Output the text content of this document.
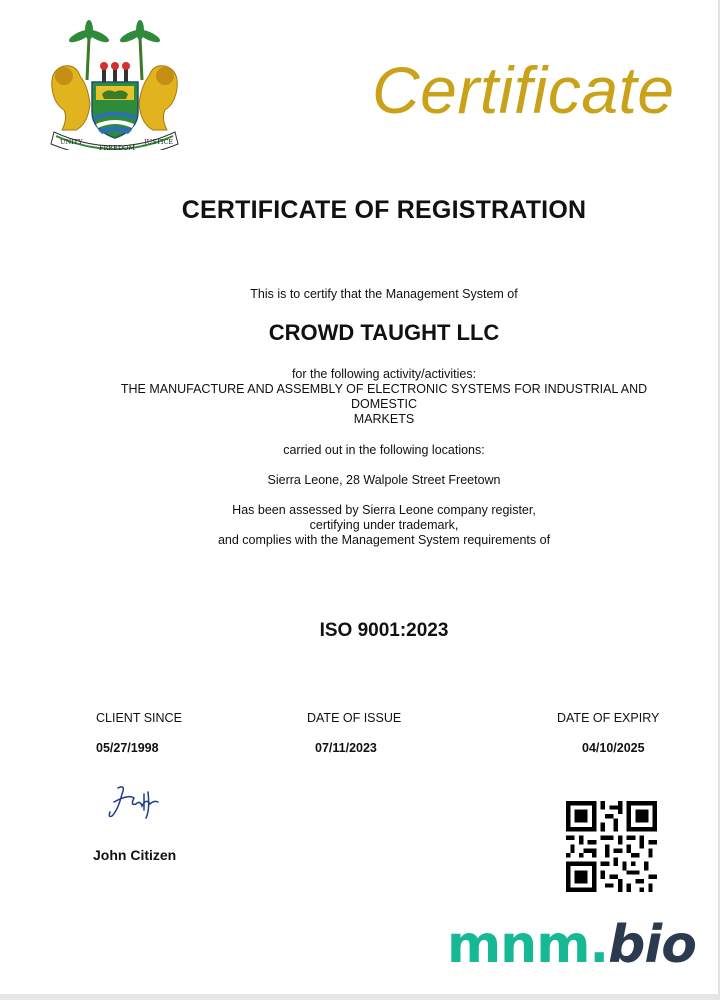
UNITY
FREEDOM
JUSTICE
Certificate
CERTIFICATE OF REGISTRATION
This is to certify that the Management System of
CROWD TAUGHT LLC
for the following activity/activities:
THE MANUFACTURE AND ASSEMBLY OF ELECTRONIC SYSTEMS FOR INDUSTRIAL AND
DOMESTIC
MARKETS
carried out in the following locations:
Sierra Leone, 28 Walpole Street Freetown
Has been assessed by Sierra Leone company register,
certifying under trademark,
and complies with the Management System requirements of
ISO 9001:2023
CLIENT SINCE	DATE OF ISSUE	DATE OF EXPIRY
05/27/1998	07/11/2023	04/10/2025
John Citizen
mnm.bio
